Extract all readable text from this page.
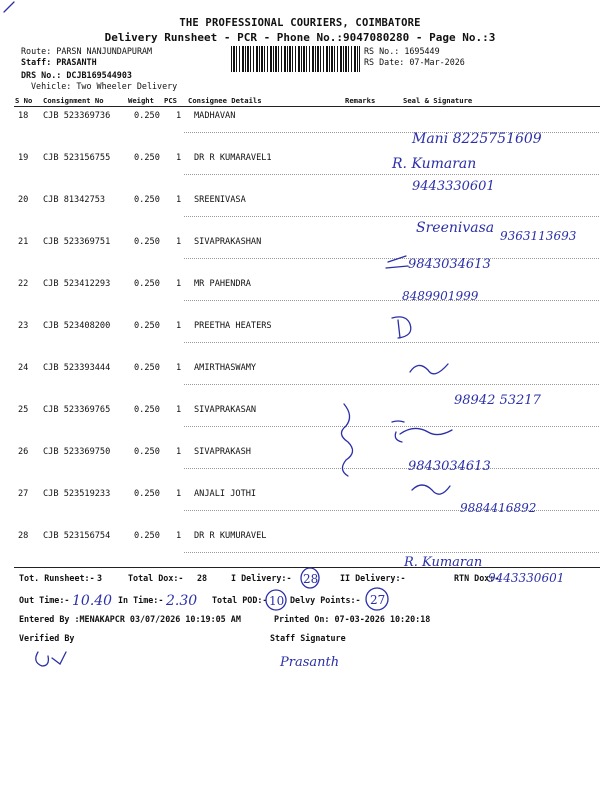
THE PROFESSIONAL COURIERS, COIMBATORE
Delivery Runsheet - PCR - Phone No.:9047080280 - Page No.:3
Route: PARSN NANJUNDAPURAM
Staff: PRASANTH
DRS No.: DCJB169544903
Vehicle: Two Wheeler Delivery
RS No.: 1695449
RS Date: 07-Mar-2026
S No Consignment No	Weight PCS Consignee Details	Remarks	Seal & Signature
18 CJB 523369736	0.250 1 MADHAVAN
19 CJB 523156755	0.250 1 DR R KUMARAVEL1
20 CJB 81342753	0.250 1 SREENIVASA
21 CJB 523369751	0.250 1 SIVAPRAKASHAN
22 CJB 523412293	0.250 1 MR PAHENDRA
23 CJB 523408200	0.250 1 PREETHA HEATERS
24 CJB 523393444	0.250 1 AMIRTHASWAMY
25 CJB 523369765	0.250 1 SIVAPRAKASAN
26 CJB 523369750	0.250 1 SIVAPRAKASH
27 CJB 523519233	0.250 1 ANJALI JOTHI
28 CJB 523156754	0.250 1 DR R KUMURAVEL
Tot. Runsheet:- 3	Total Dox:- 28	I Delivery:-	II Delivery:-	RTN Dox:-
Out Time:-	In Time:-	Total POD:-	Delvy Points:-
Entered By :MENAKAPCR 03/07/2026 10:19:05 AM	Printed On: 07-03-2026 10:20:18
Verified By	Staff Signature
Mani 8225751609
R. Kumaran
9443330601
Sreenivasa 9363113693
9843034613
8489901999
98942 53217
9843034613
9884416892
R. Kumaran
9443330601
10.40	2.30	10
28
27
Prasanth
